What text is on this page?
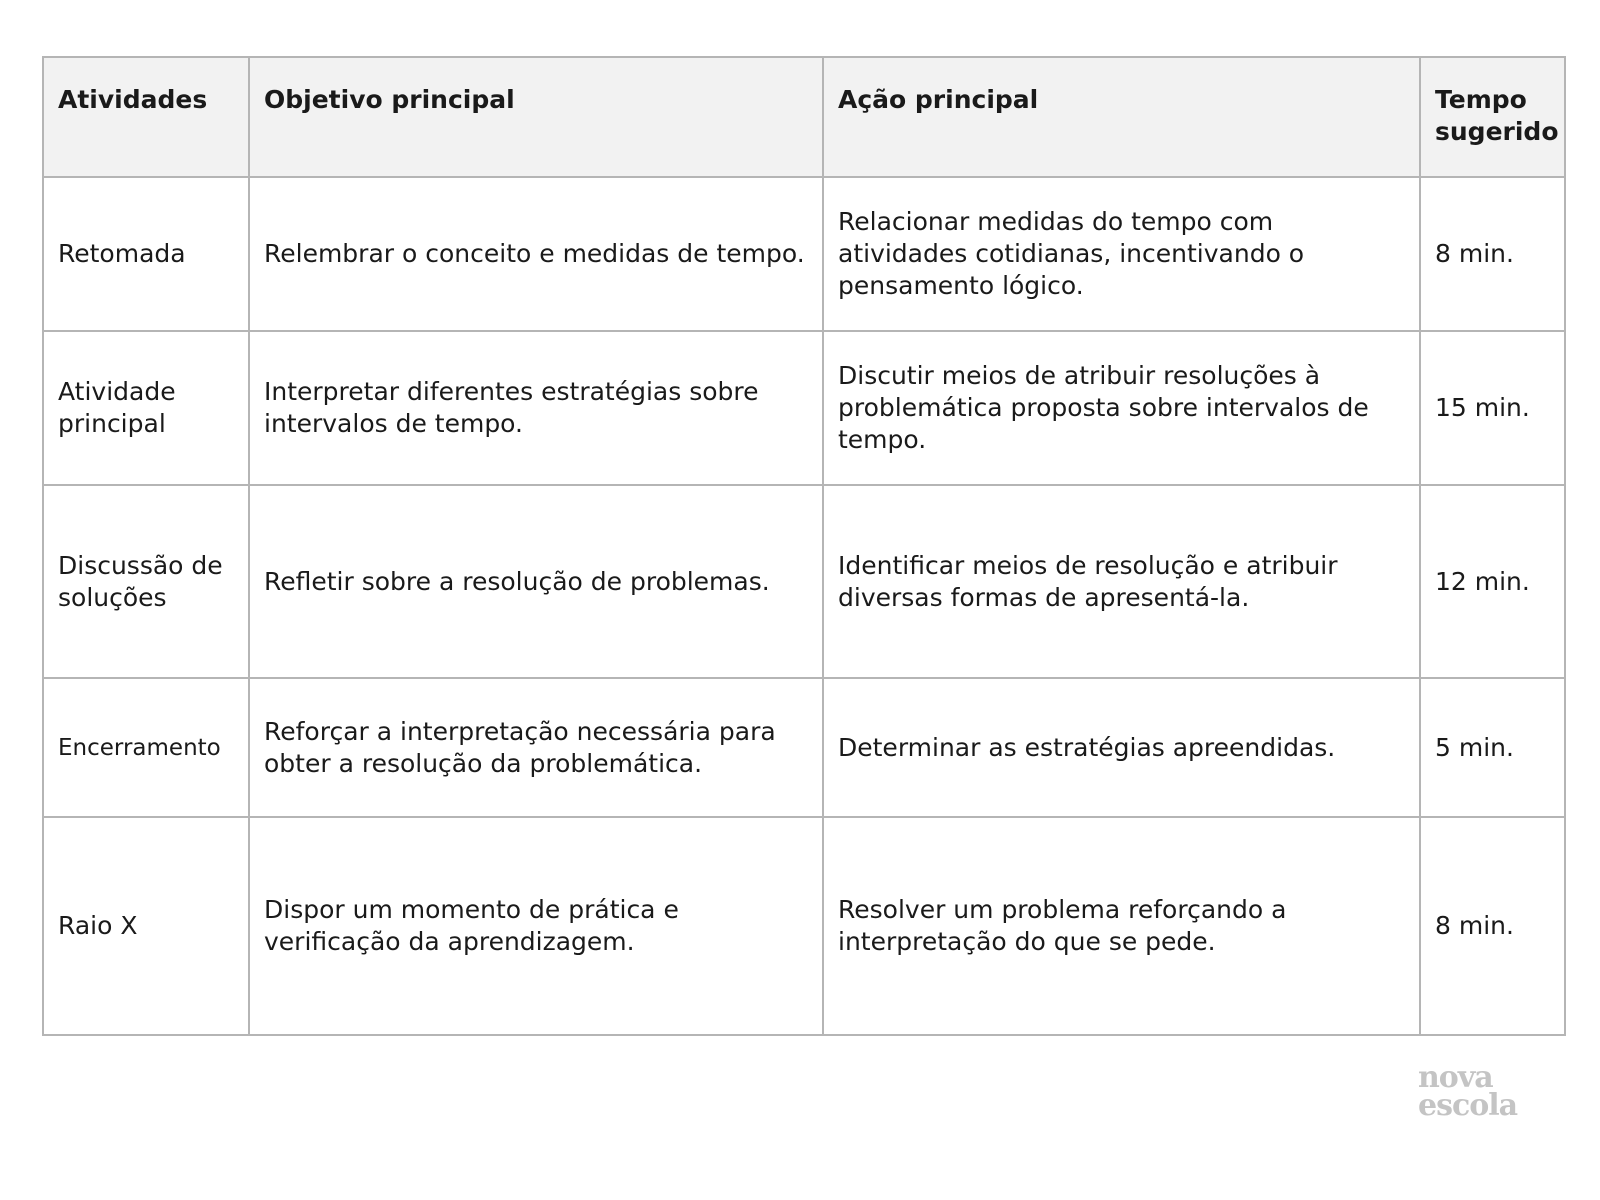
Atividades	Objetivo principal	Ação principal	Tempo sugerido
Retomada	Relembrar o conceito e medidas de tempo.	Relacionar medidas do tempo com atividades cotidianas, incentivando o pensamento lógico.	8 min.
Atividade principal	Interpretar diferentes estratégias sobre intervalos de tempo.	Discutir meios de atribuir resoluções à problemática proposta sobre intervalos de tempo.	15 min.
Discussão de soluções	Refletir sobre a resolução de problemas.	Identificar meios de resolução e atribuir diversas formas de apresentá-la.	12 min.
Encerramento	Reforçar a interpretação necessária para obter a resolução da problemática.	Determinar as estratégias apreendidas.	5 min.
Raio X	Dispor um momento de prática e verificação da aprendizagem.	Resolver um problema reforçando a interpretação do que se pede.	8 min.
nova
escola
